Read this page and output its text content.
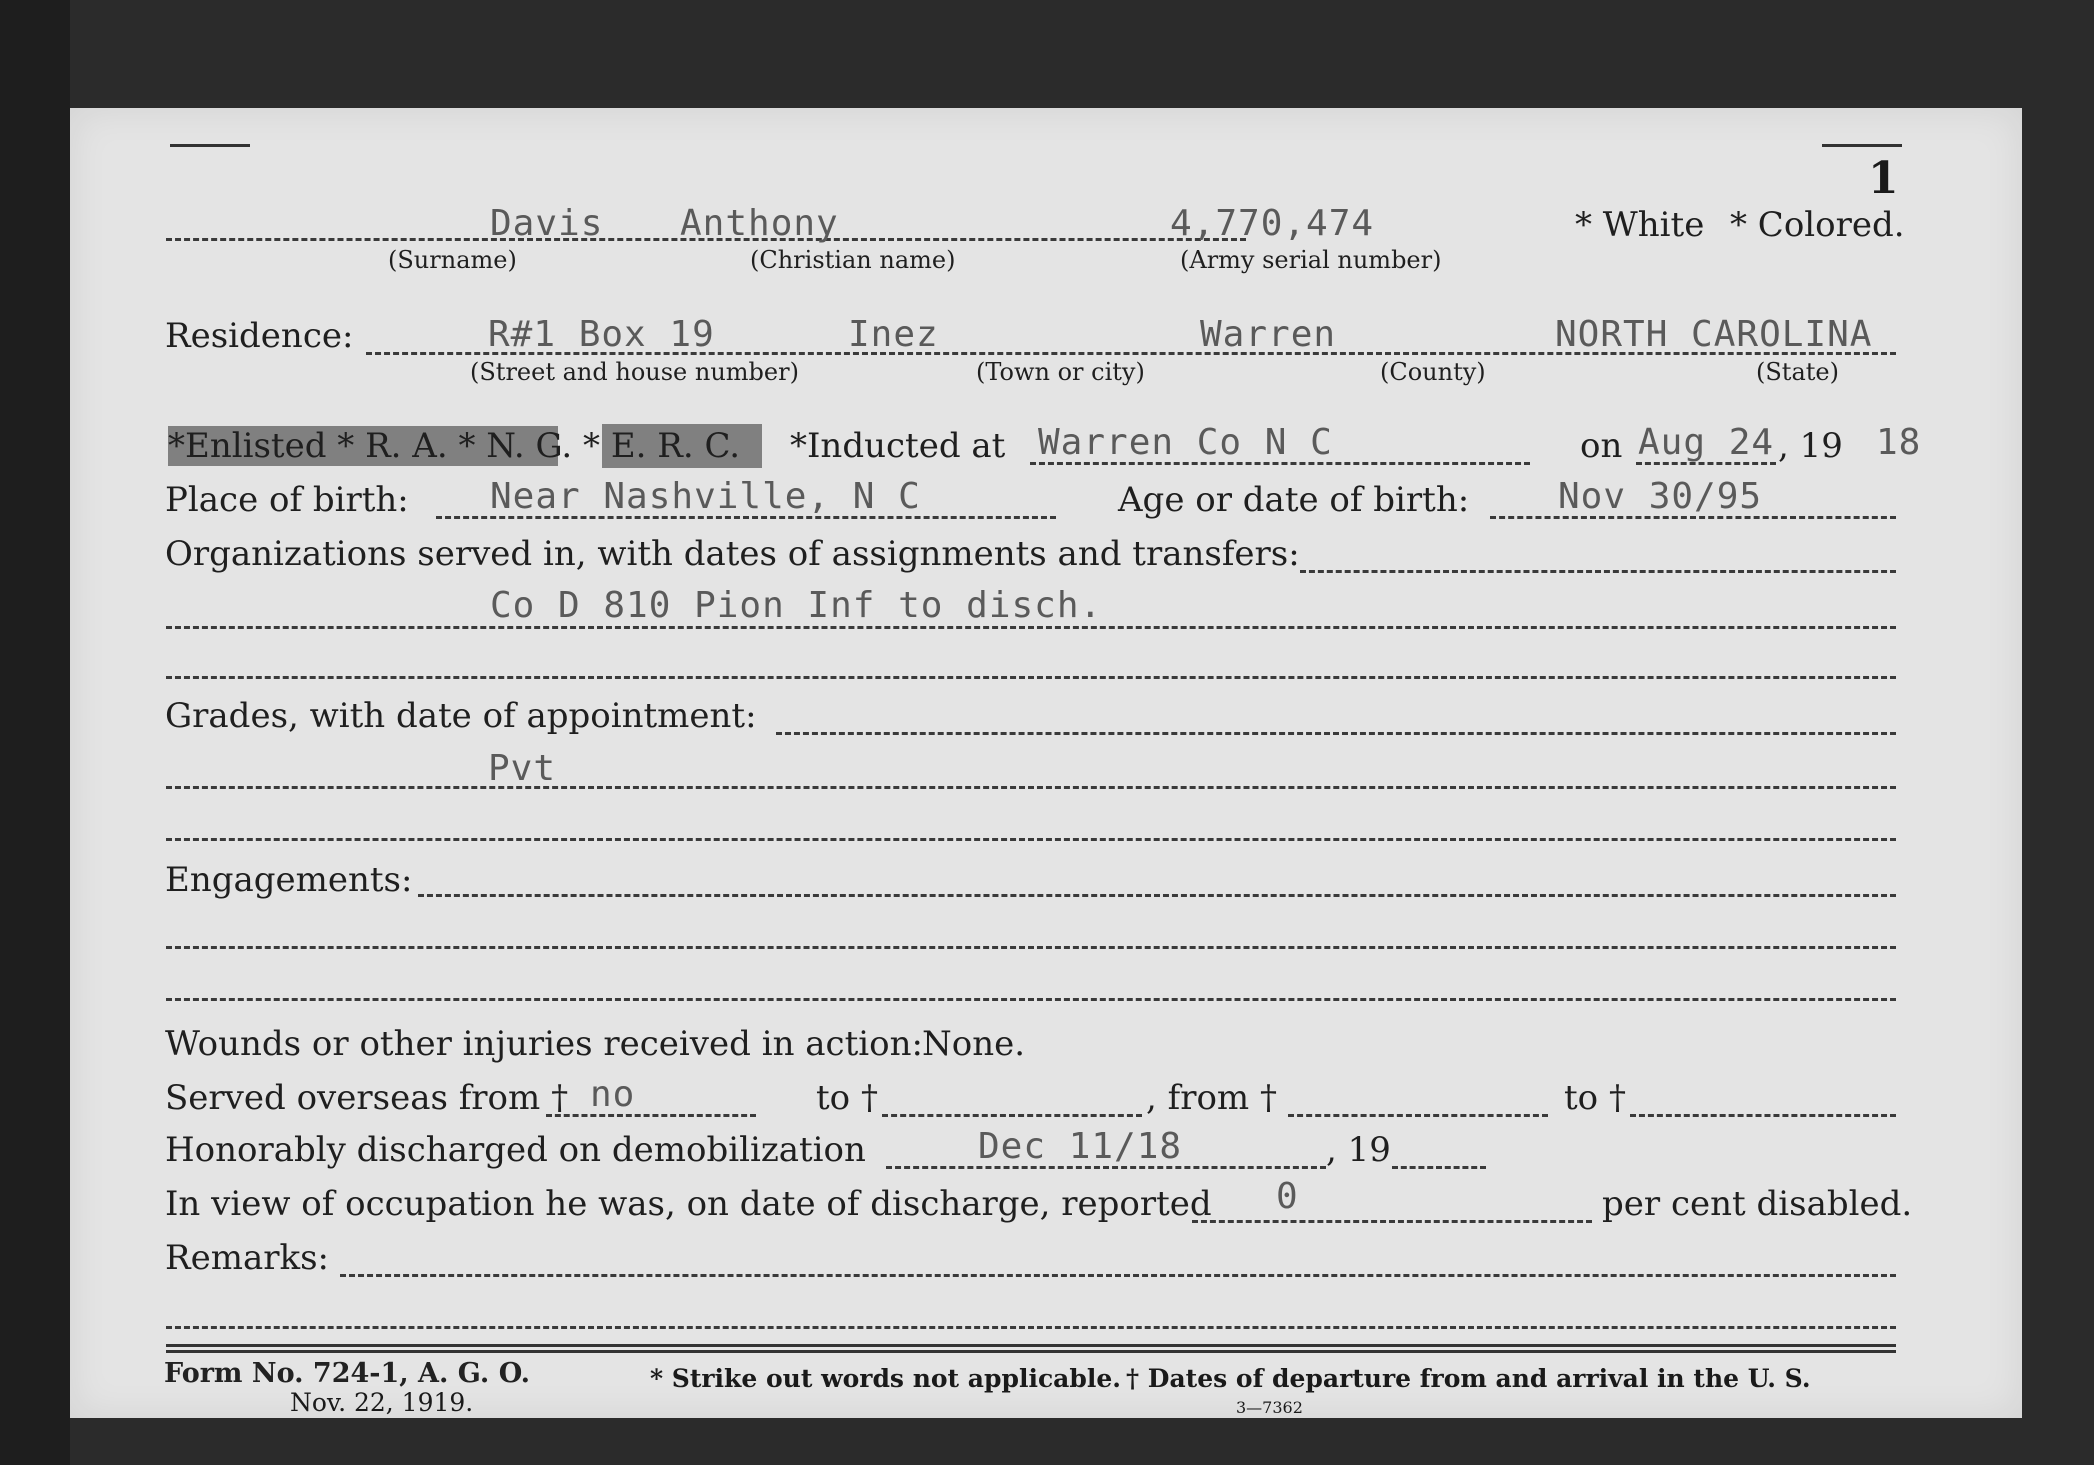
1
Davis Anthony	4,770,474	* White * Colored.
(Surname)	(Christian name)	(Army serial number)
Residence:	R#1 Box 19	Inez	Warren	NORTH CAROLINA
(Street and house number)	(Town or city)	(County)	(State)
*Enlisted * R. A. * N. G. * E. R. C. *Inducted at Warren Co N C	on Aug 24 , 19 18
Place of birth: Near Nashville, N C	Age or date of birth: Nov 30/95
Organizations served in, with dates of assignments and transfers:
Co D 810 Pion Inf to disch.
Grades, with date of appointment:
Pvt
Engagements:
Wounds or other injuries received in action: None.
Served overseas from † no	to †	, from †	to †
Honorably discharged on demobilization	Dec 11/18	, 19
In view of occupation he was, on date of discharge, reported 0	per cent disabled.
Remarks:
Form No. 724-1, A. G. O.
Nov. 22, 1919.
* Strike out words not applicable. † Dates of departure from and arrival in the U. S.
3—7362
